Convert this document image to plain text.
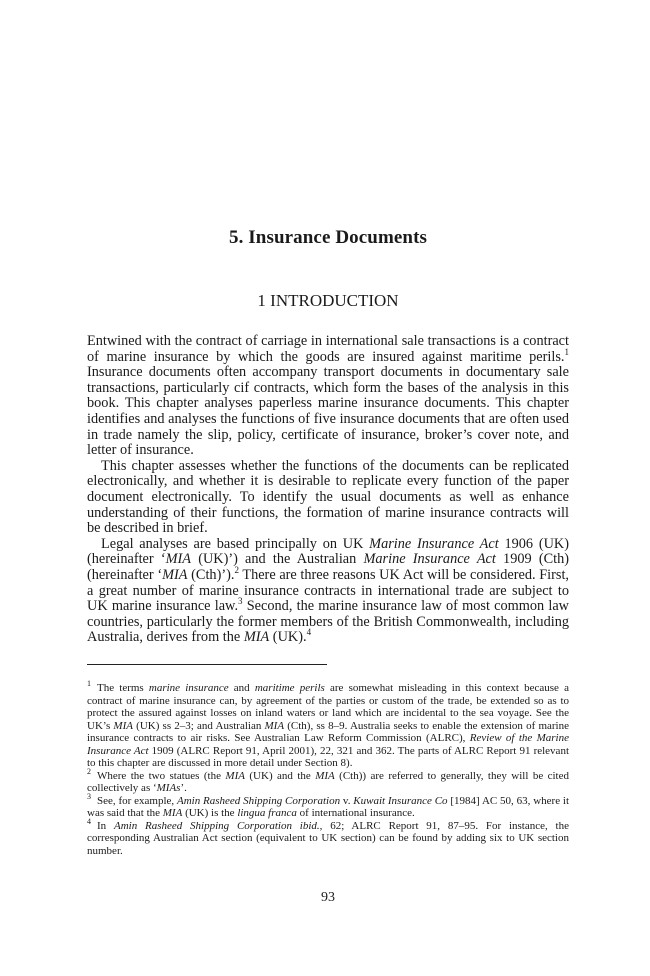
5. Insurance Documents
1 INTRODUCTION

Entwined with the contract of carriage in international sale transactions is a contract of marine insurance by which the goods are insured against maritime perils.$^1$ Insurance documents often accompany transport documents in documentary sale transactions, particularly cif contracts, which form the bases of the analysis in this book. This chapter analyses paperless marine insurance documents. This chapter identifies and analyses the functions of five insurance documents that are often used in trade namely the slip, policy, certificate of insurance, broker’s cover note, and letter of insurance.

This chapter assesses whether the functions of the documents can be replicated electronically, and whether it is desirable to replicate every function of the paper document electronically. To identify the usual documents as well as enhance understanding of their functions, the formation of marine insurance contracts will be described in brief.

Legal analyses are based principally on UK Marine Insurance Act 1906 (UK) (hereinafter ‘MIA (UK)’) and the Australian Marine Insurance Act 1909 (Cth) (hereinafter ‘MIA (Cth)’).$^2$ There are three reasons UK Act will be considered. First, a great number of marine insurance contracts in international trade are subject to UK marine insurance law.$^3$ Second, the marine insurance law of most common law countries, particularly the former members of the British Commonwealth, including Australia, derives from the MIA (UK).$^4$

$^1$ The terms marine insurance and maritime perils are somewhat misleading in this context because a contract of marine insurance can, by agreement of the parties or custom of the trade, be extended so as to protect the assured against losses on inland waters or land which are incidental to the sea voyage. See the UK’s MIA (UK) ss 2–3; and Australian MIA (Cth), ss 8–9. Australia seeks to enable the extension of marine insurance contracts to air risks. See Australian Law Reform Commission (ALRC), Review of the Marine Insurance Act 1909 (ALRC Report 91, April 2001), 22, 321 and 362. The parts of ALRC Report 91 relevant to this chapter are discussed in more detail under Section 8).

$^2$ Where the two statues (the MIA (UK) and the MIA (Cth)) are referred to generally, they will be cited collectively as ‘MIAs’.

$^3$ See, for example, Amin Rasheed Shipping Corporation v. Kuwait Insurance Co [1984] AC 50, 63, where it was said that the MIA (UK) is the lingua franca of international insurance.

$^4$ In Amin Rasheed Shipping Corporation ibid., 62; ALRC Report 91, 87–95. For instance, the corresponding Australian Act section (equivalent to UK section) can be found by adding six to UK section number.

93
